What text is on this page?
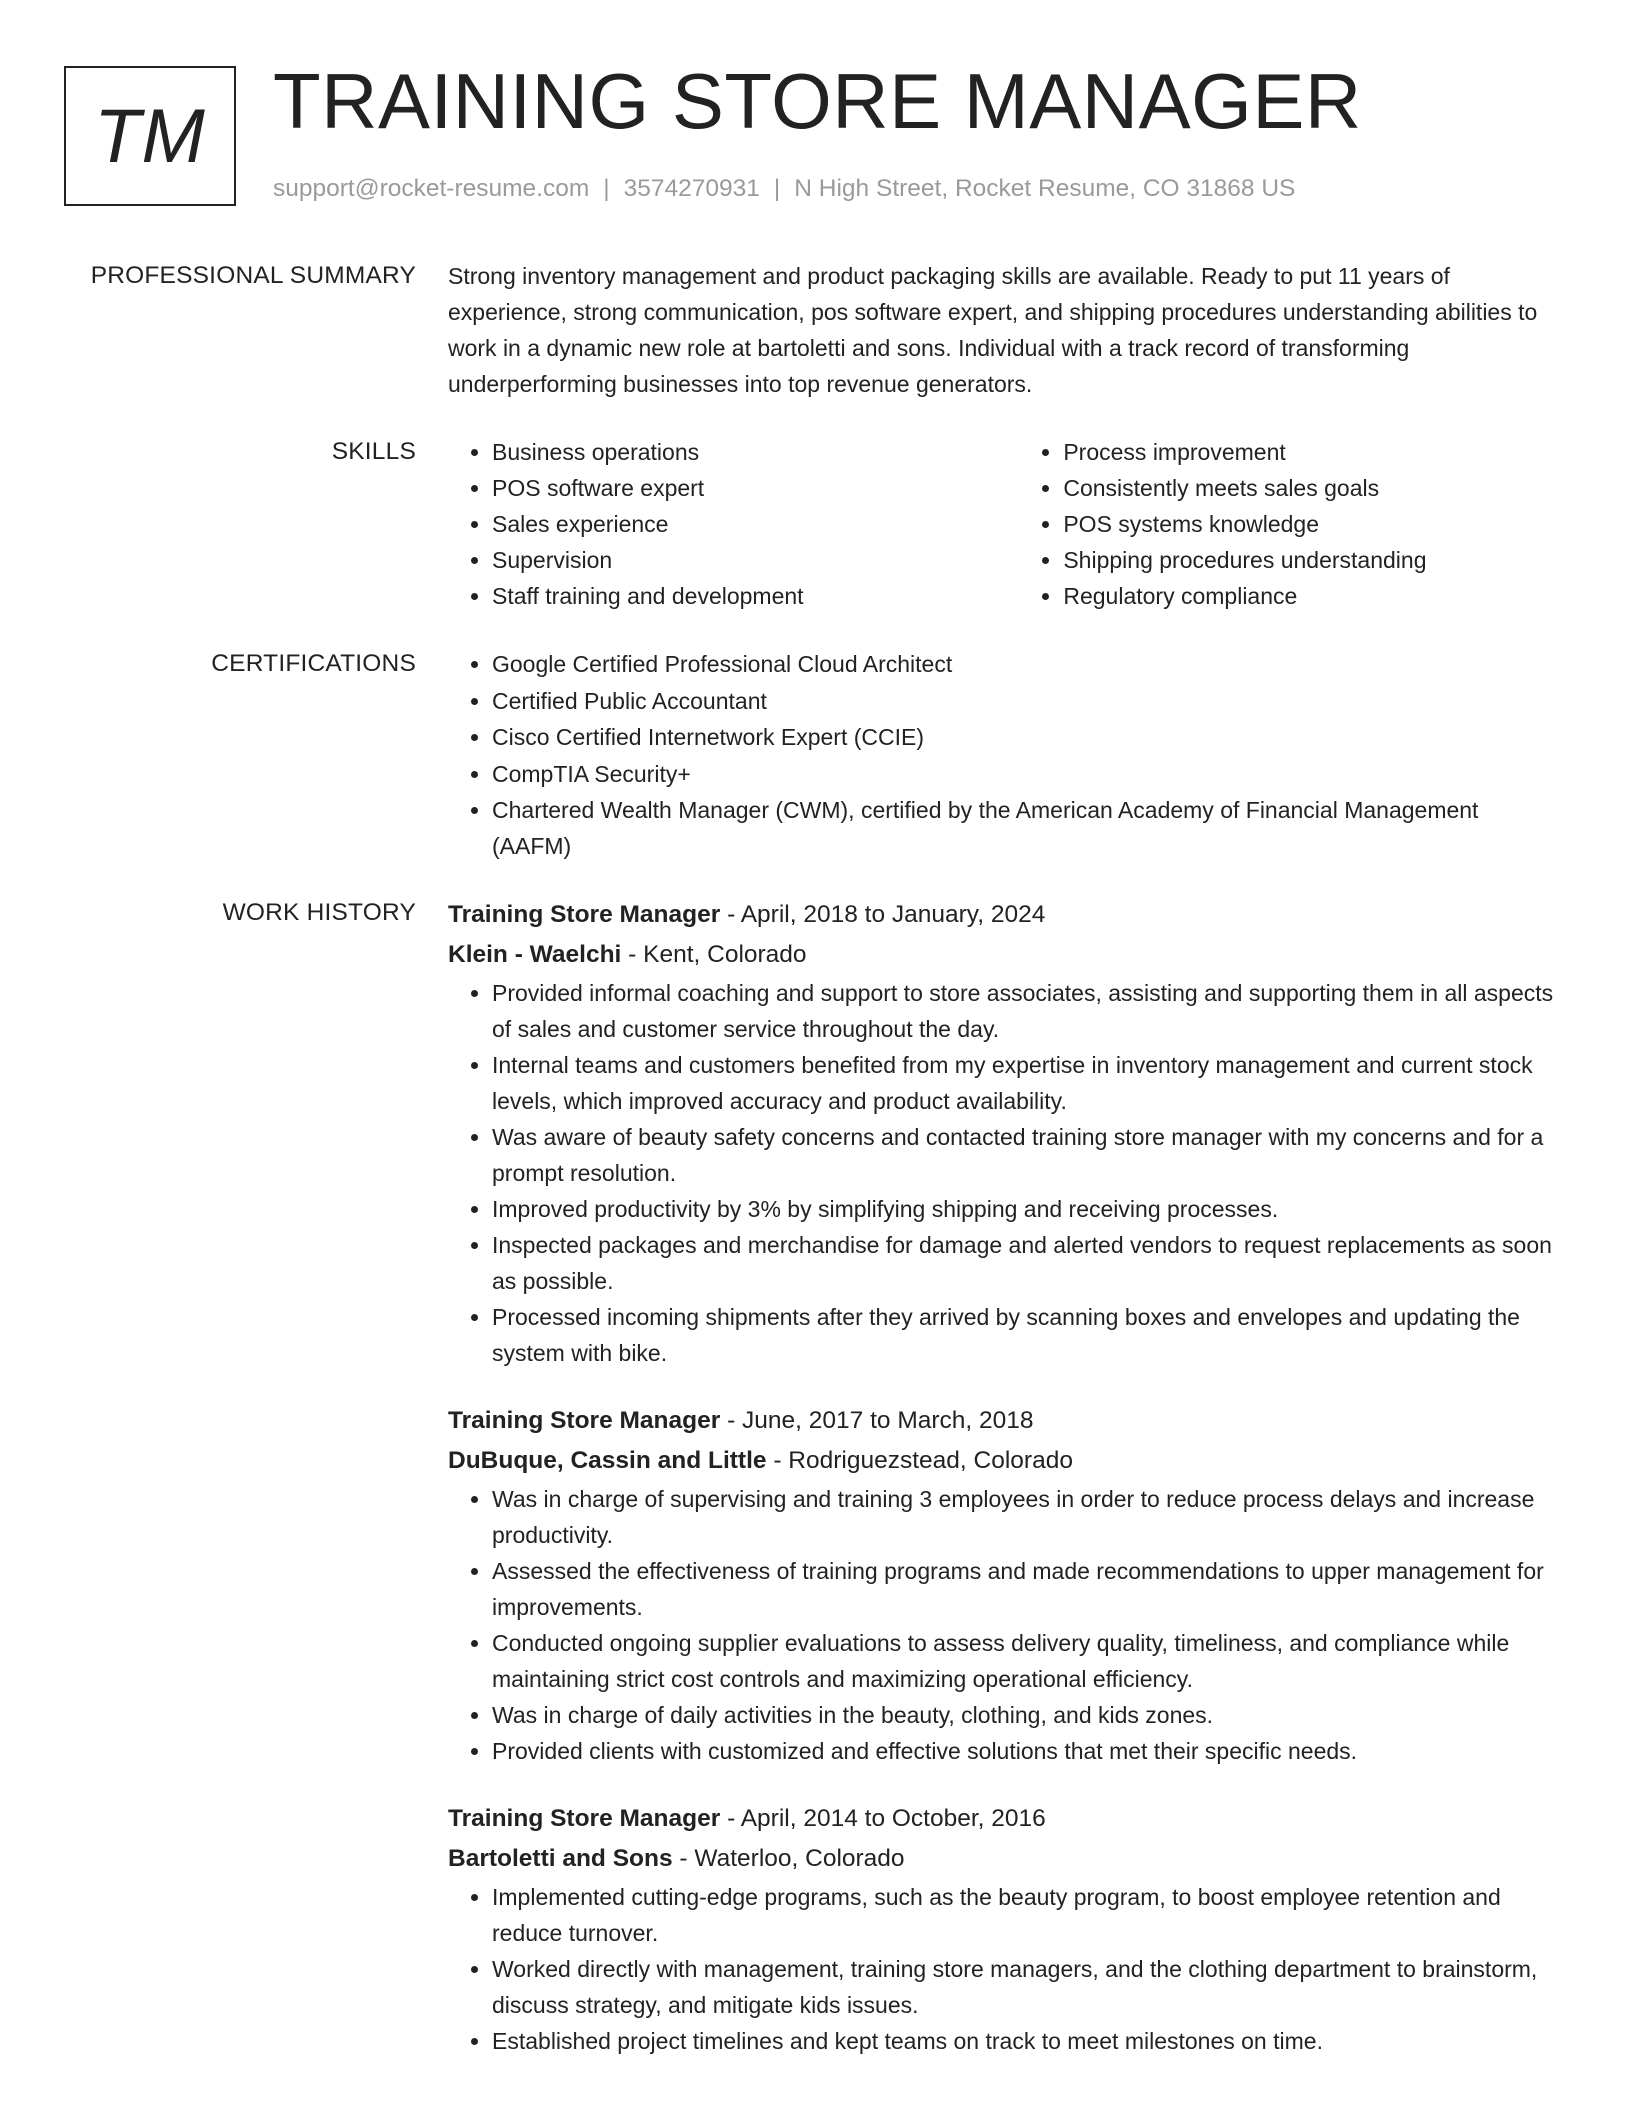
TM TRAINING STORE MANAGER
support@rocket-resume.com | 3574270931 | N High Street, Rocket Resume, CO 31868 US
PROFESSIONAL SUMMARY Strong inventory management and product packaging skills are available. Ready to put 11 years of experience, strong communication, pos software expert, and shipping procedures understanding abilities to work in a dynamic new role at bartoletti and sons. Individual with a track record of transforming underperforming businesses into top revenue generators.

SKILLS	• Business operations
• POS software expert
• Sales experience
• Supervision
• Staff training and development
• Process improvement
• Consistently meets sales goals
• POS systems knowledge
• Shipping procedures understanding
• Regulatory compliance
CERTIFICATIONS	• Google Certified Professional Cloud Architect
• Certified Public Accountant
• Cisco Certified Internetwork Expert (CCIE)
• CompTIA Security+
• Chartered Wealth Manager (CWM), certified by the American Academy of Financial Management (AAFM)
WORK HISTORY Training Store Manager - April, 2018 to January, 2024
Klein - Waelchi - Kent, Colorado
• Provided informal coaching and support to store associates, assisting and supporting them in all aspects of sales and customer service throughout the day.
• Internal teams and customers benefited from my expertise in inventory management and current stock levels, which improved accuracy and product availability.
• Was aware of beauty safety concerns and contacted training store manager with my concerns and for a prompt resolution.
• Improved productivity by 3% by simplifying shipping and receiving processes.
• Inspected packages and merchandise for damage and alerted vendors to request replacements as soon as possible.
• Processed incoming shipments after they arrived by scanning boxes and envelopes and updating the system with bike.
Training Store Manager - June, 2017 to March, 2018
DuBuque, Cassin and Little - Rodriguezstead, Colorado
• Was in charge of supervising and training 3 employees in order to reduce process delays and increase productivity.
• Assessed the effectiveness of training programs and made recommendations to upper management for improvements.
• Conducted ongoing supplier evaluations to assess delivery quality, timeliness, and compliance while maintaining strict cost controls and maximizing operational efficiency.
• Was in charge of daily activities in the beauty, clothing, and kids zones.
• Provided clients with customized and effective solutions that met their specific needs.
Training Store Manager - April, 2014 to October, 2016
Bartoletti and Sons - Waterloo, Colorado
• Implemented cutting-edge programs, such as the beauty program, to boost employee retention and reduce turnover.
• Worked directly with management, training store managers, and the clothing department to brainstorm, discuss strategy, and mitigate kids issues.
• Established project timelines and kept teams on track to meet milestones on time.
